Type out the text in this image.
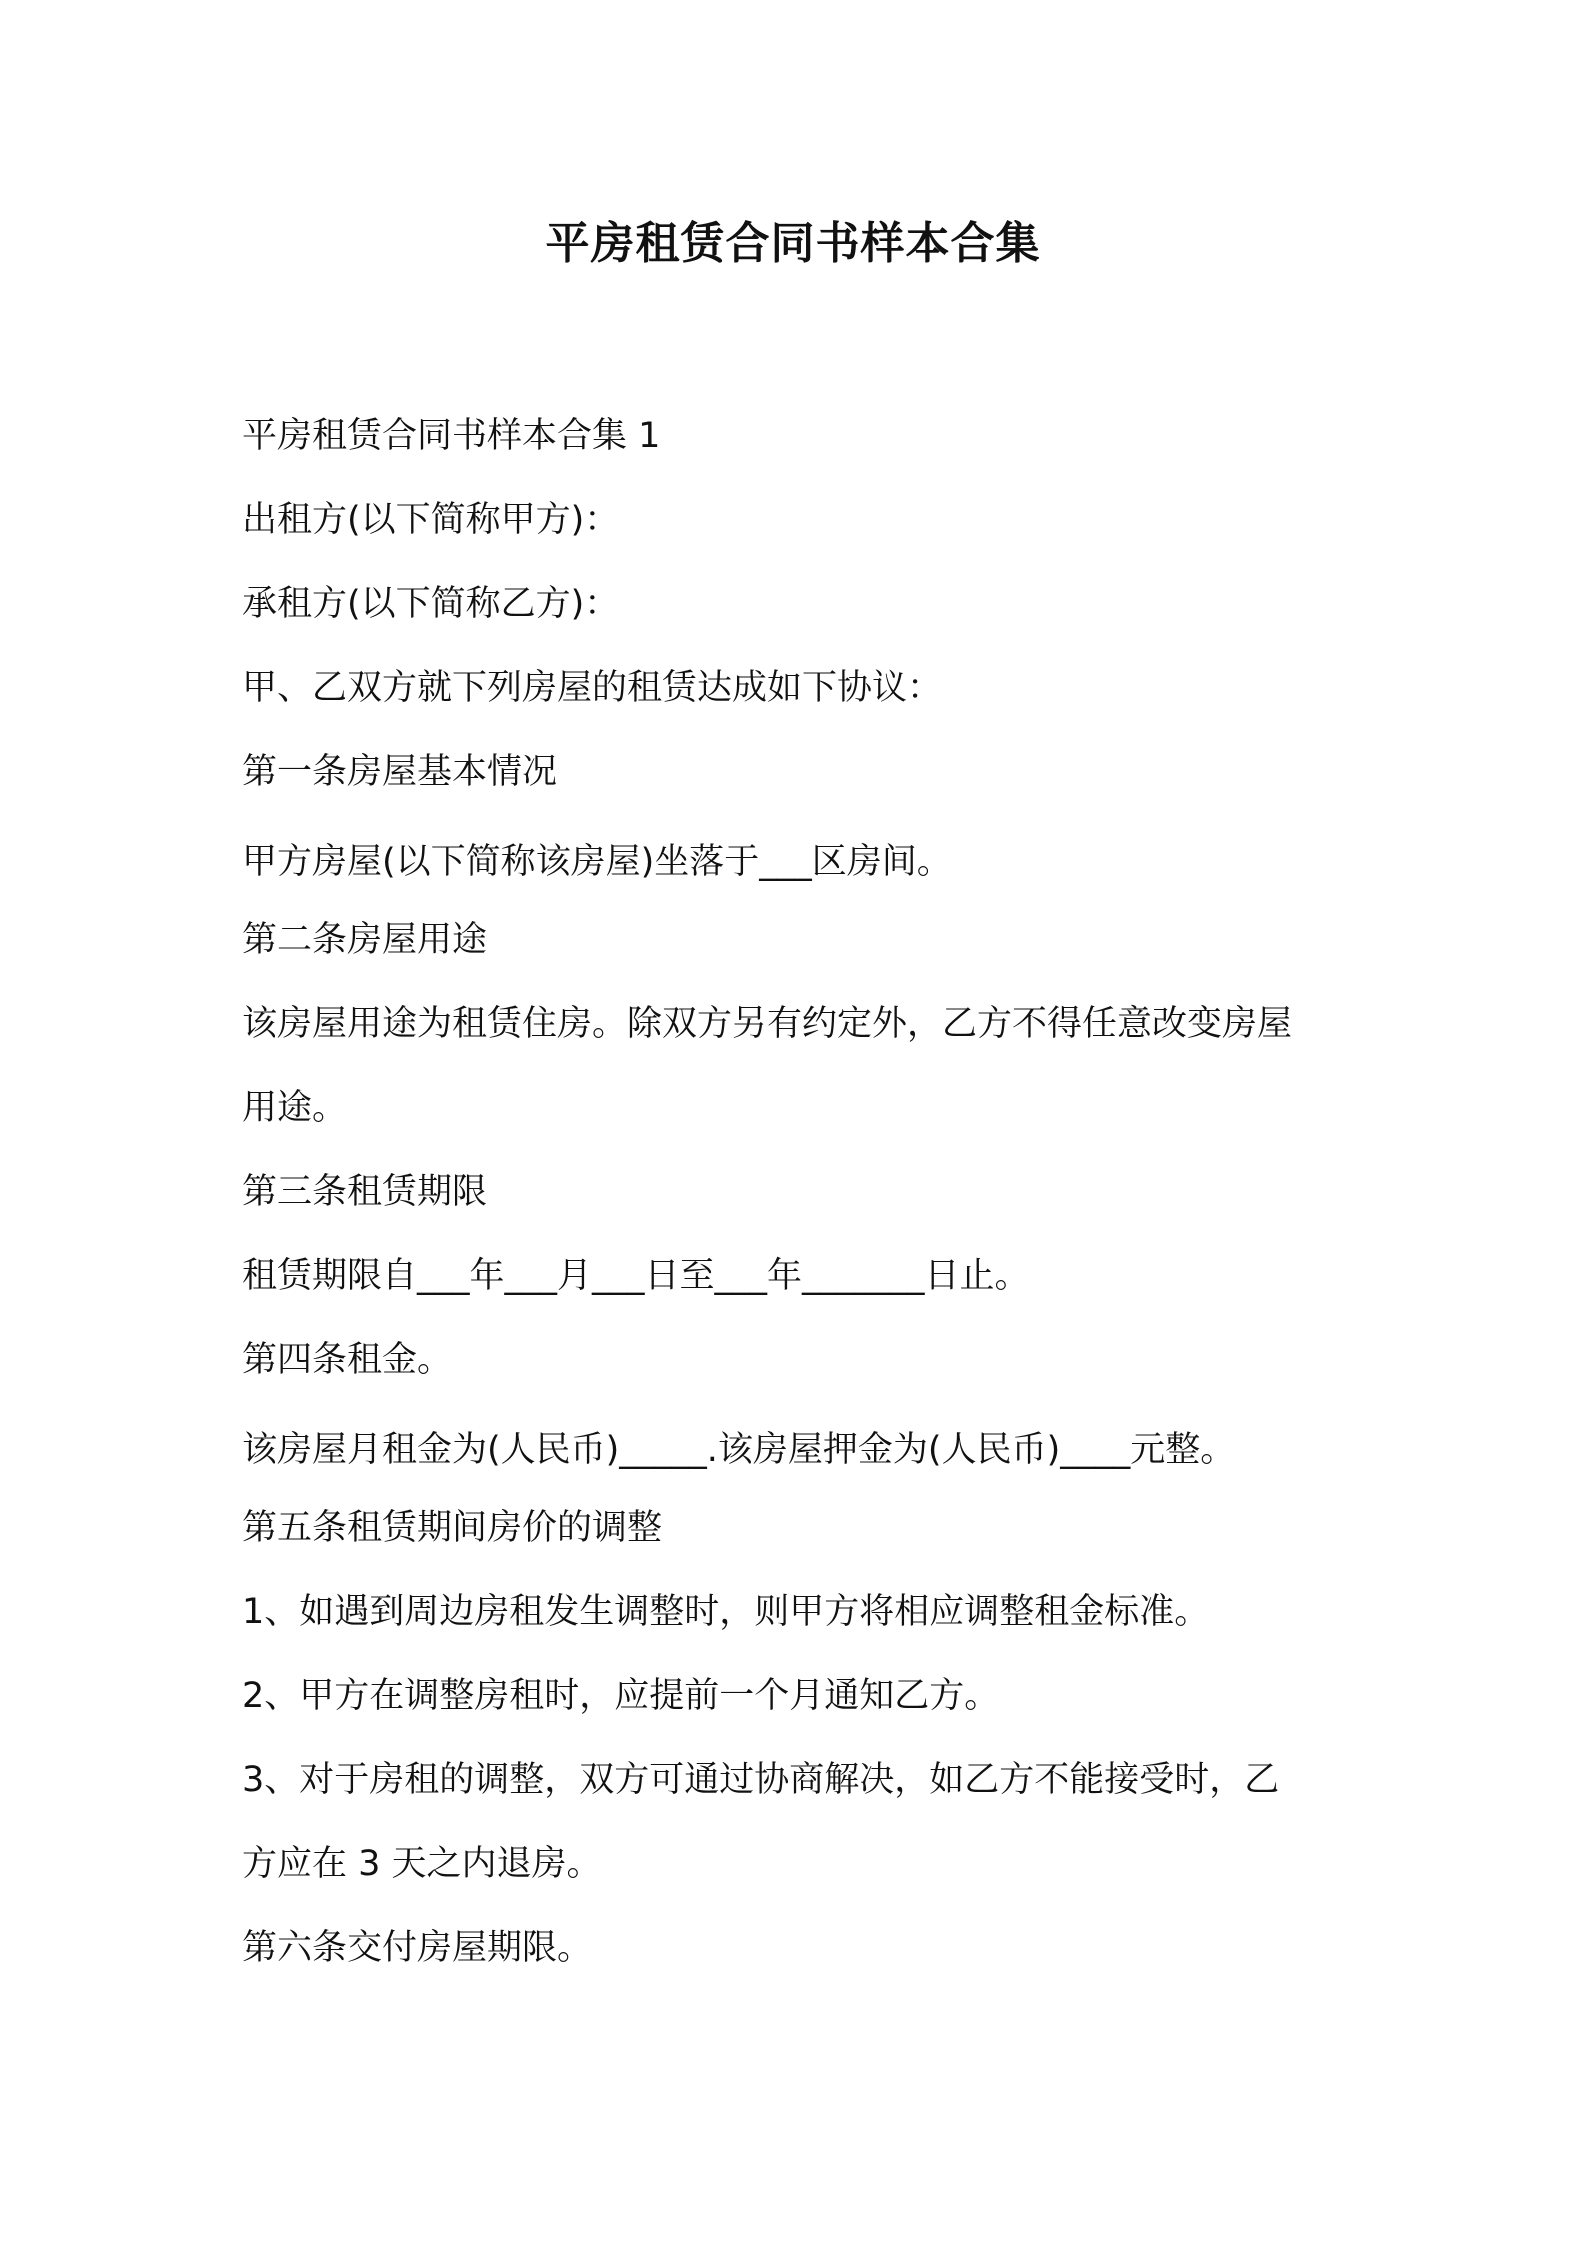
平房租赁合同书样本合集
平房租赁合同书样本合集 1
出租方(以下简称甲方)：
承租方(以下简称乙方)：
甲、乙双方就下列房屋的租赁达成如下协议：
第一条房屋基本情况
甲方房屋(以下简称该房屋)坐落于___区房间。
第二条房屋用途
该房屋用途为租赁住房。除双方另有约定外，乙方不得任意改变房屋
用途。
第三条租赁期限
租赁期限自___年___月___日至___年_______日止。
第四条租金。
该房屋月租金为(人民币)_____.该房屋押金为(人民币)____元整。
第五条租赁期间房价的调整
1、如遇到周边房租发生调整时，则甲方将相应调整租金标准。
2、甲方在调整房租时，应提前一个月通知乙方。
3、对于房租的调整，双方可通过协商解决，如乙方不能接受时，乙
方应在 3 天之内退房。
第六条交付房屋期限。
